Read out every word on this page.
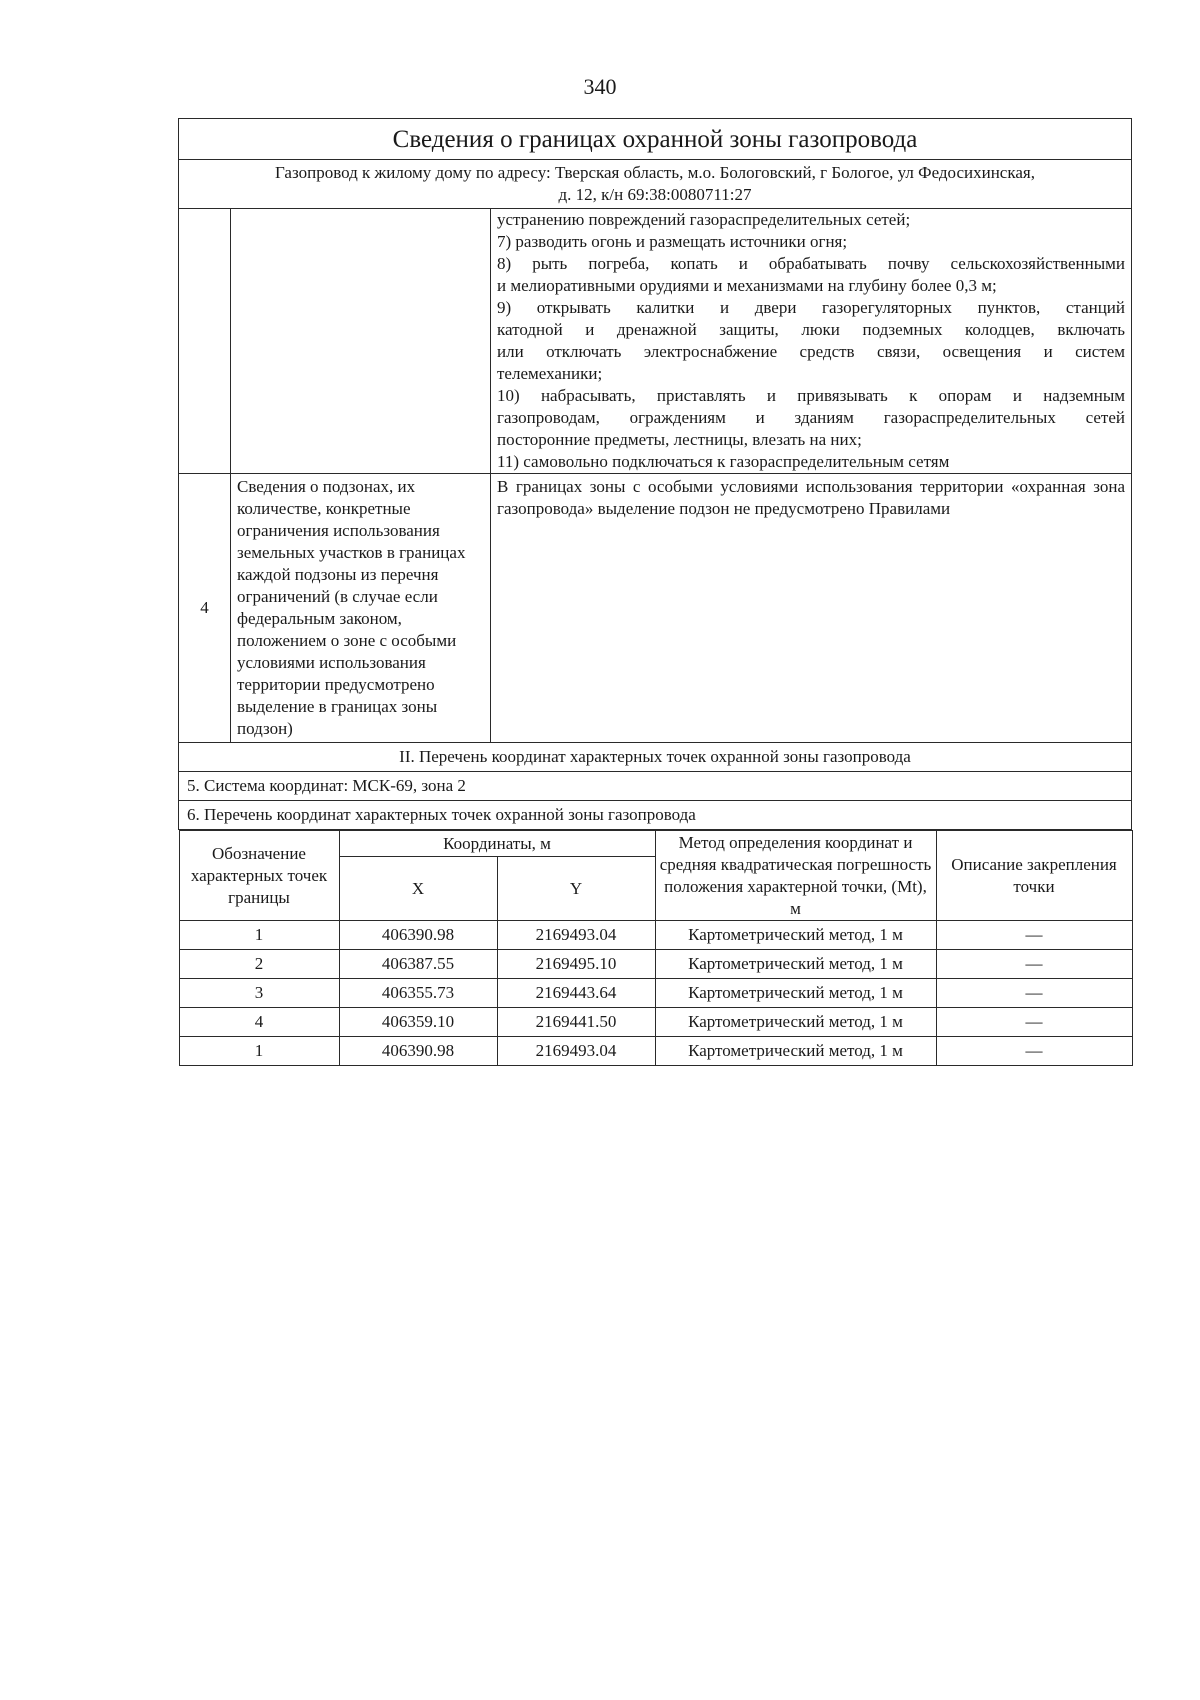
340
Сведения о границах охранной зоны газопровода

Газопровод к жилому дому по адресу: Тверская область, м.о. Бологовский, г Бологое, ул Федосихинская,
д. 12, к/н 69:38:0080711:27

устранению повреждений газораспределительных сетей;
7) разводить огонь и размещать источники огня;
8) рыть погреба, копать и обрабатывать почву сельскохозяйственными
и мелиоративными орудиями и механизмами на глубину более 0,3 м;
9) открывать калитки и двери газорегуляторных пунктов, станций
катодной и дренажной защиты, люки подземных колодцев, включать
или отключать электроснабжение средств связи, освещения и систем
телемеханики;
10) набрасывать, приставлять и привязывать к опорам и надземным
газопроводам, ограждениям и зданиям газораспределительных сетей
посторонние предметы, лестницы, влезать на них;
11) самовольно подключаться к газораспределительным сетям

4	Сведения о подзонах, их количестве, конкретные ограничения использования земельных участков в границах каждой подзоны из перечня ограничений (в случае если федеральным законом, положением о зоне с особыми условиями использования территории предусмотрено выделение в границах зоны подзон)	В границах зоны с особыми условиями использования территории «охранная зона газопровода» выделение подзон не предусмотрено Правилами
II. Перечень координат характерных точек охранной зоны газопровода
5. Система координат: МСК-69, зона 2
6. Перечень координат характерных точек охранной зоны газопровода

Обозначение характерных точек границы	Координаты, м	Метод определения координат и средняя квадратическая погрешность положения характерной точки, (Mt), м	Описание закрепления точки
X	Y
1	406390.98	2169493.04	Картометрический метод, 1 м	—
2	406387.55	2169495.10	Картометрический метод, 1 м	—
3	406355.73	2169443.64	Картометрический метод, 1 м	—
4	406359.10	2169441.50	Картометрический метод, 1 м	—
1	406390.98	2169493.04	Картометрический метод, 1 м	—
